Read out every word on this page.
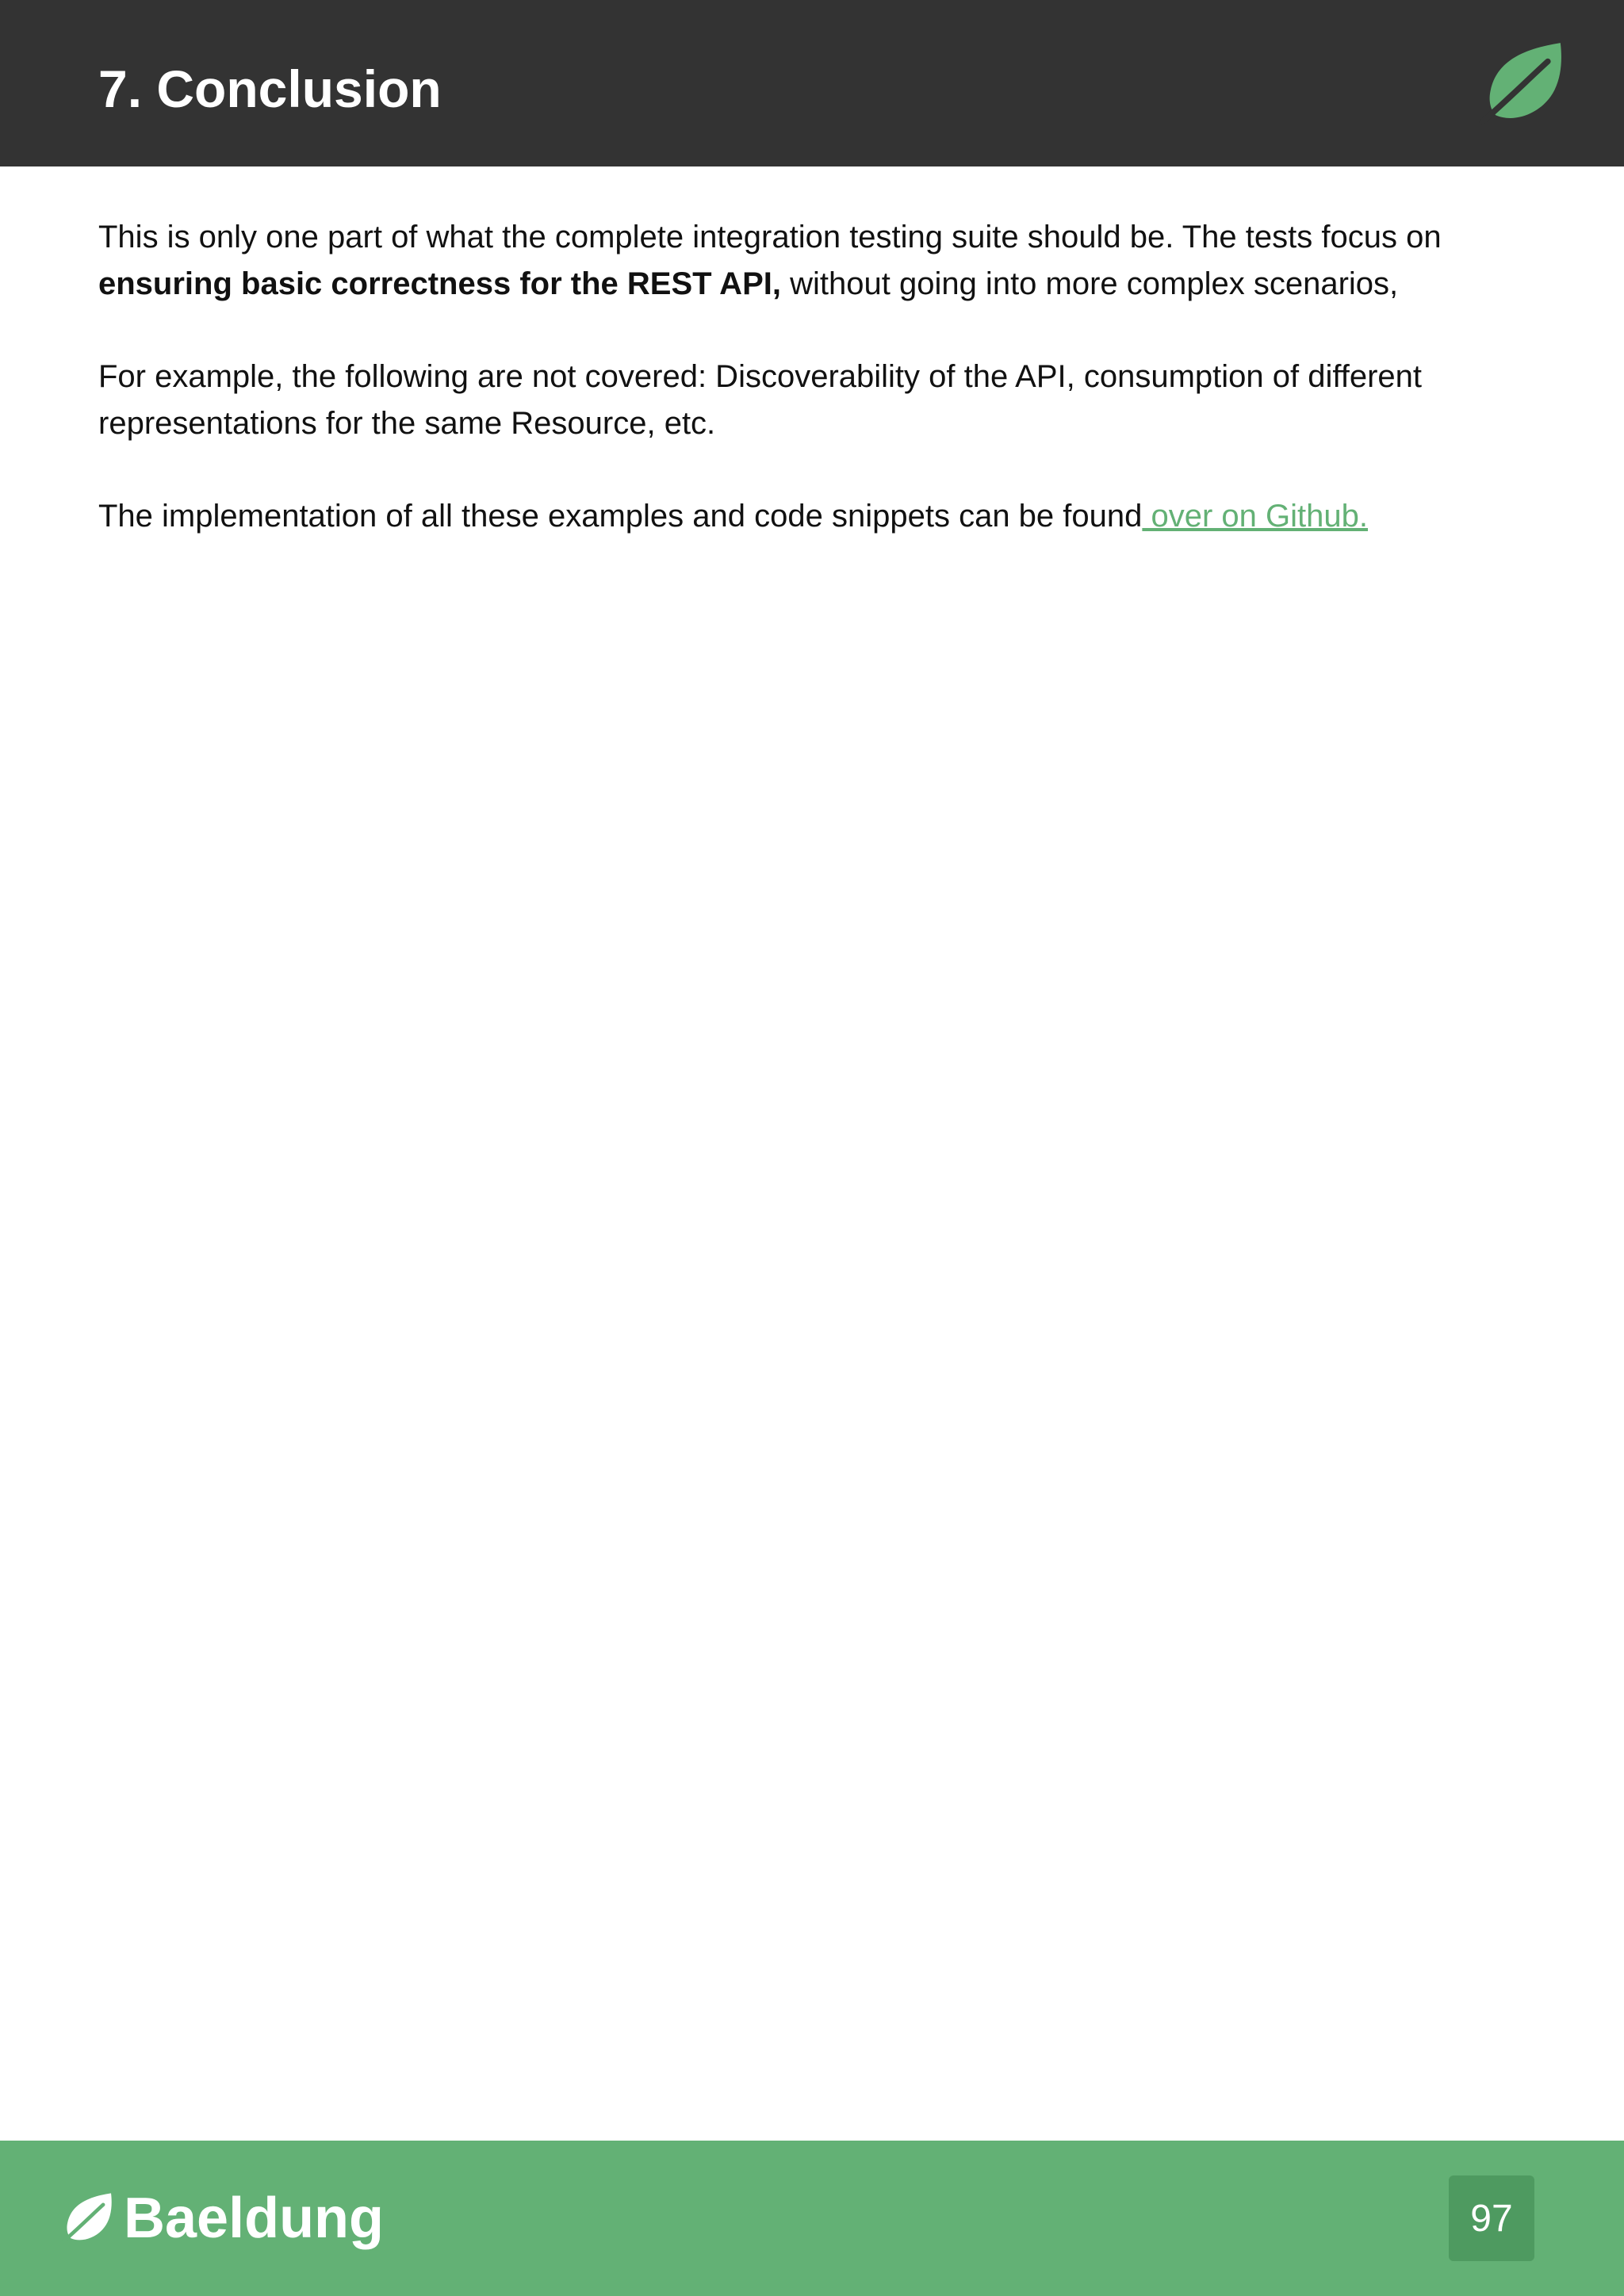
7. Conclusion

This is only one part of what the complete integration testing suite should be. The tests focus on ensuring basic correctness for the REST API, without going into more complex scenarios,

For example, the following are not covered: Discoverability of the API, consumption of different representations for the same Resource, etc.

The implementation of all these examples and code snippets can be found over on Github.

Baeldung	97
